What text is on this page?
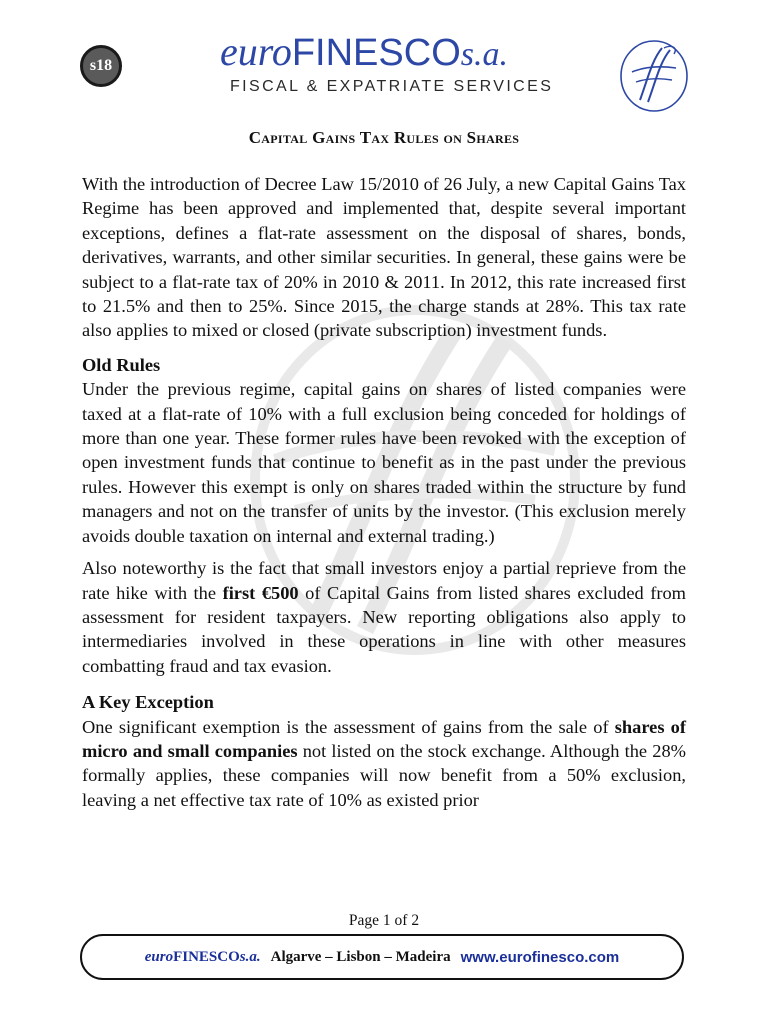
s18	euroFINESCOs.a.
FISCAL & EXPATRIATE SERVICES
Capital Gains Tax Rules on Shares

With the introduction of Decree Law 15/2010 of 26 July, a new Capital Gains Tax Regime has been approved and implemented that, despite several important exceptions, defines a flat-rate assessment on the disposal of shares, bonds, derivatives, warrants, and other similar securities. In general, these gains were be subject to a flat-rate tax of 20% in 2010 & 2011. In 2012, this rate increased first to 21.5% and then to 25%. Since 2015, the charge stands at 28%. This tax rate also applies to mixed or closed (private subscription) investment funds.

Old Rules

Under the previous regime, capital gains on shares of listed companies were taxed at a flat-rate of 10% with a full exclusion being conceded for holdings of more than one year. These former rules have been revoked with the exception of open investment funds that continue to benefit as in the past under the previous rules. However this exempt is only on shares traded within the structure by fund managers and not on the transfer of units by the investor. (This exclusion merely avoids double taxation on internal and external trading.)

Also noteworthy is the fact that small investors enjoy a partial reprieve from the rate hike with the first €500 of Capital Gains from listed shares excluded from assessment for resident taxpayers. New reporting obligations also apply to intermediaries involved in these operations in line with other measures combatting fraud and tax evasion.

A Key Exception

One significant exemption is the assessment of gains from the sale of shares of micro and small companies not listed on the stock exchange. Although the 28% formally applies, these companies will now benefit from a 50% exclusion, leaving a net effective tax rate of 10% as existed prior

Page 1 of 2
euroFINESCOs.a. Algarve – Lisbon – Madeira www.eurofinesco.com
